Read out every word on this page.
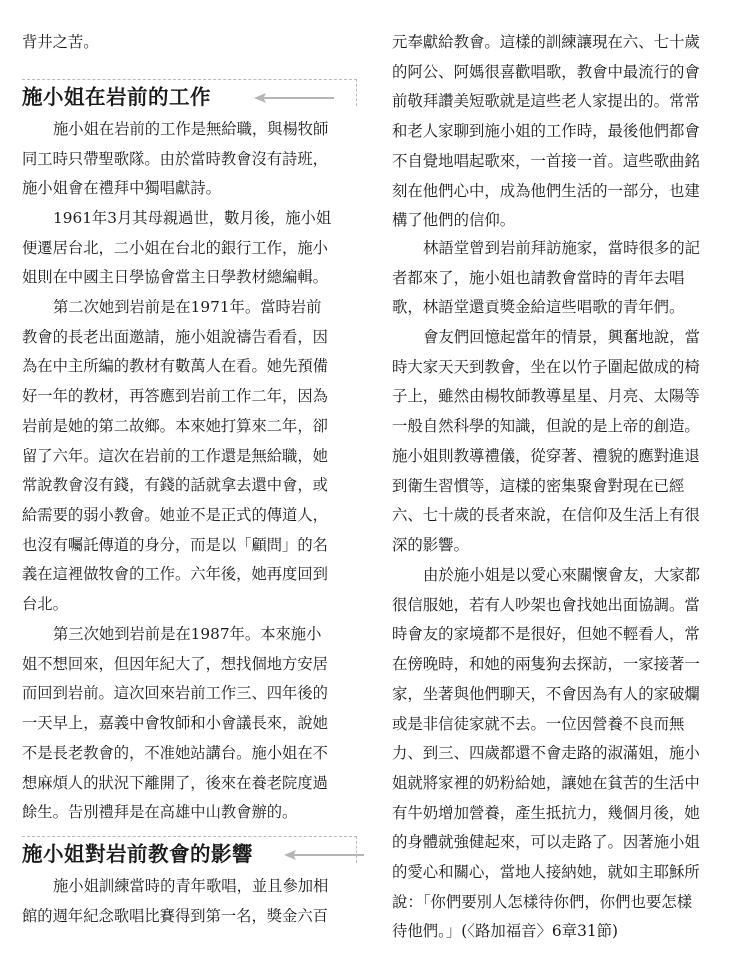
背井之苦。
施小姐在岩前的工作
施小姐在岩前的工作是無給職，與楊牧師
同工時只帶聖歌隊。由於當時教會沒有詩班，
施小姐會在禮拜中獨唱獻詩。
1961年3月其母親過世，數月後，施小姐
便遷居台北，二小姐在台北的銀行工作，施小
姐則在中國主日學協會當主日學教材總編輯。
第二次她到岩前是在1971年。當時岩前
教會的長老出面邀請，施小姐說禱告看看，因
為在中主所編的教材有數萬人在看。她先預備
好一年的教材，再答應到岩前工作二年，因為
岩前是她的第二故鄉。本來她打算來二年，卻
留了六年。這次在岩前的工作還是無給職，她
常說教會沒有錢，有錢的話就拿去還中會，或
給需要的弱小教會。她並不是正式的傳道人，
也沒有囑託傳道的身分，而是以「顧問」的名
義在這裡做牧會的工作。六年後，她再度回到
台北。
第三次她到岩前是在1987年。本來施小
姐不想回來，但因年紀大了，想找個地方安居
而回到岩前。這次回來岩前工作三、四年後的
一天早上，嘉義中會牧師和小會議長來，說她
不是長老教會的，不准她站講台。施小姐在不
想麻煩人的狀況下離開了，後來在養老院度過
餘生。告別禮拜是在高雄中山教會辦的。
施小姐對岩前教會的影響
施小姐訓練當時的青年歌唱，並且參加相
館的週年紀念歌唱比賽得到第一名，獎金六百
元奉獻給教會。這樣的訓練讓現在六、七十歲
的阿公、阿媽很喜歡唱歌，教會中最流行的會
前敬拜讚美短歌就是這些老人家提出的。常常
和老人家聊到施小姐的工作時，最後他們都會
不自覺地唱起歌來，一首接一首。這些歌曲銘
刻在他們心中，成為他們生活的一部分，也建
構了他們的信仰。
林語堂曾到岩前拜訪施家，當時很多的記
者都來了，施小姐也請教會當時的青年去唱
歌，林語堂還貢獎金給這些唱歌的青年們。
會友們回憶起當年的情景，興奮地說，當
時大家天天到教會，坐在以竹子圍起做成的椅
子上，雖然由楊牧師教導星星、月亮、太陽等
一般自然科學的知識，但說的是上帝的創造。
施小姐則教導禮儀，從穿著、禮貌的應對進退
到衛生習慣等，這樣的密集聚會對現在已經
六、七十歲的長者來說，在信仰及生活上有很
深的影響。
由於施小姐是以愛心來關懷會友，大家都
很信服她，若有人吵架也會找她出面協調。當
時會友的家境都不是很好，但她不輕看人，常
在傍晚時，和她的兩隻狗去探訪，一家接著一
家，坐著與他們聊天，不會因為有人的家破爛
或是非信徒家就不去。一位因營養不良而無
力、到三、四歲都還不會走路的淑滿姐，施小
姐就將家裡的奶粉給她，讓她在貧苦的生活中
有牛奶增加營養，產生抵抗力，幾個月後，她
的身體就強健起來，可以走路了。因著施小姐
的愛心和關心，當地人接納她，就如主耶穌所
說：「你們要別人怎樣待你們，你們也要怎樣
待他們。」(〈路加福音〉6章31節)
